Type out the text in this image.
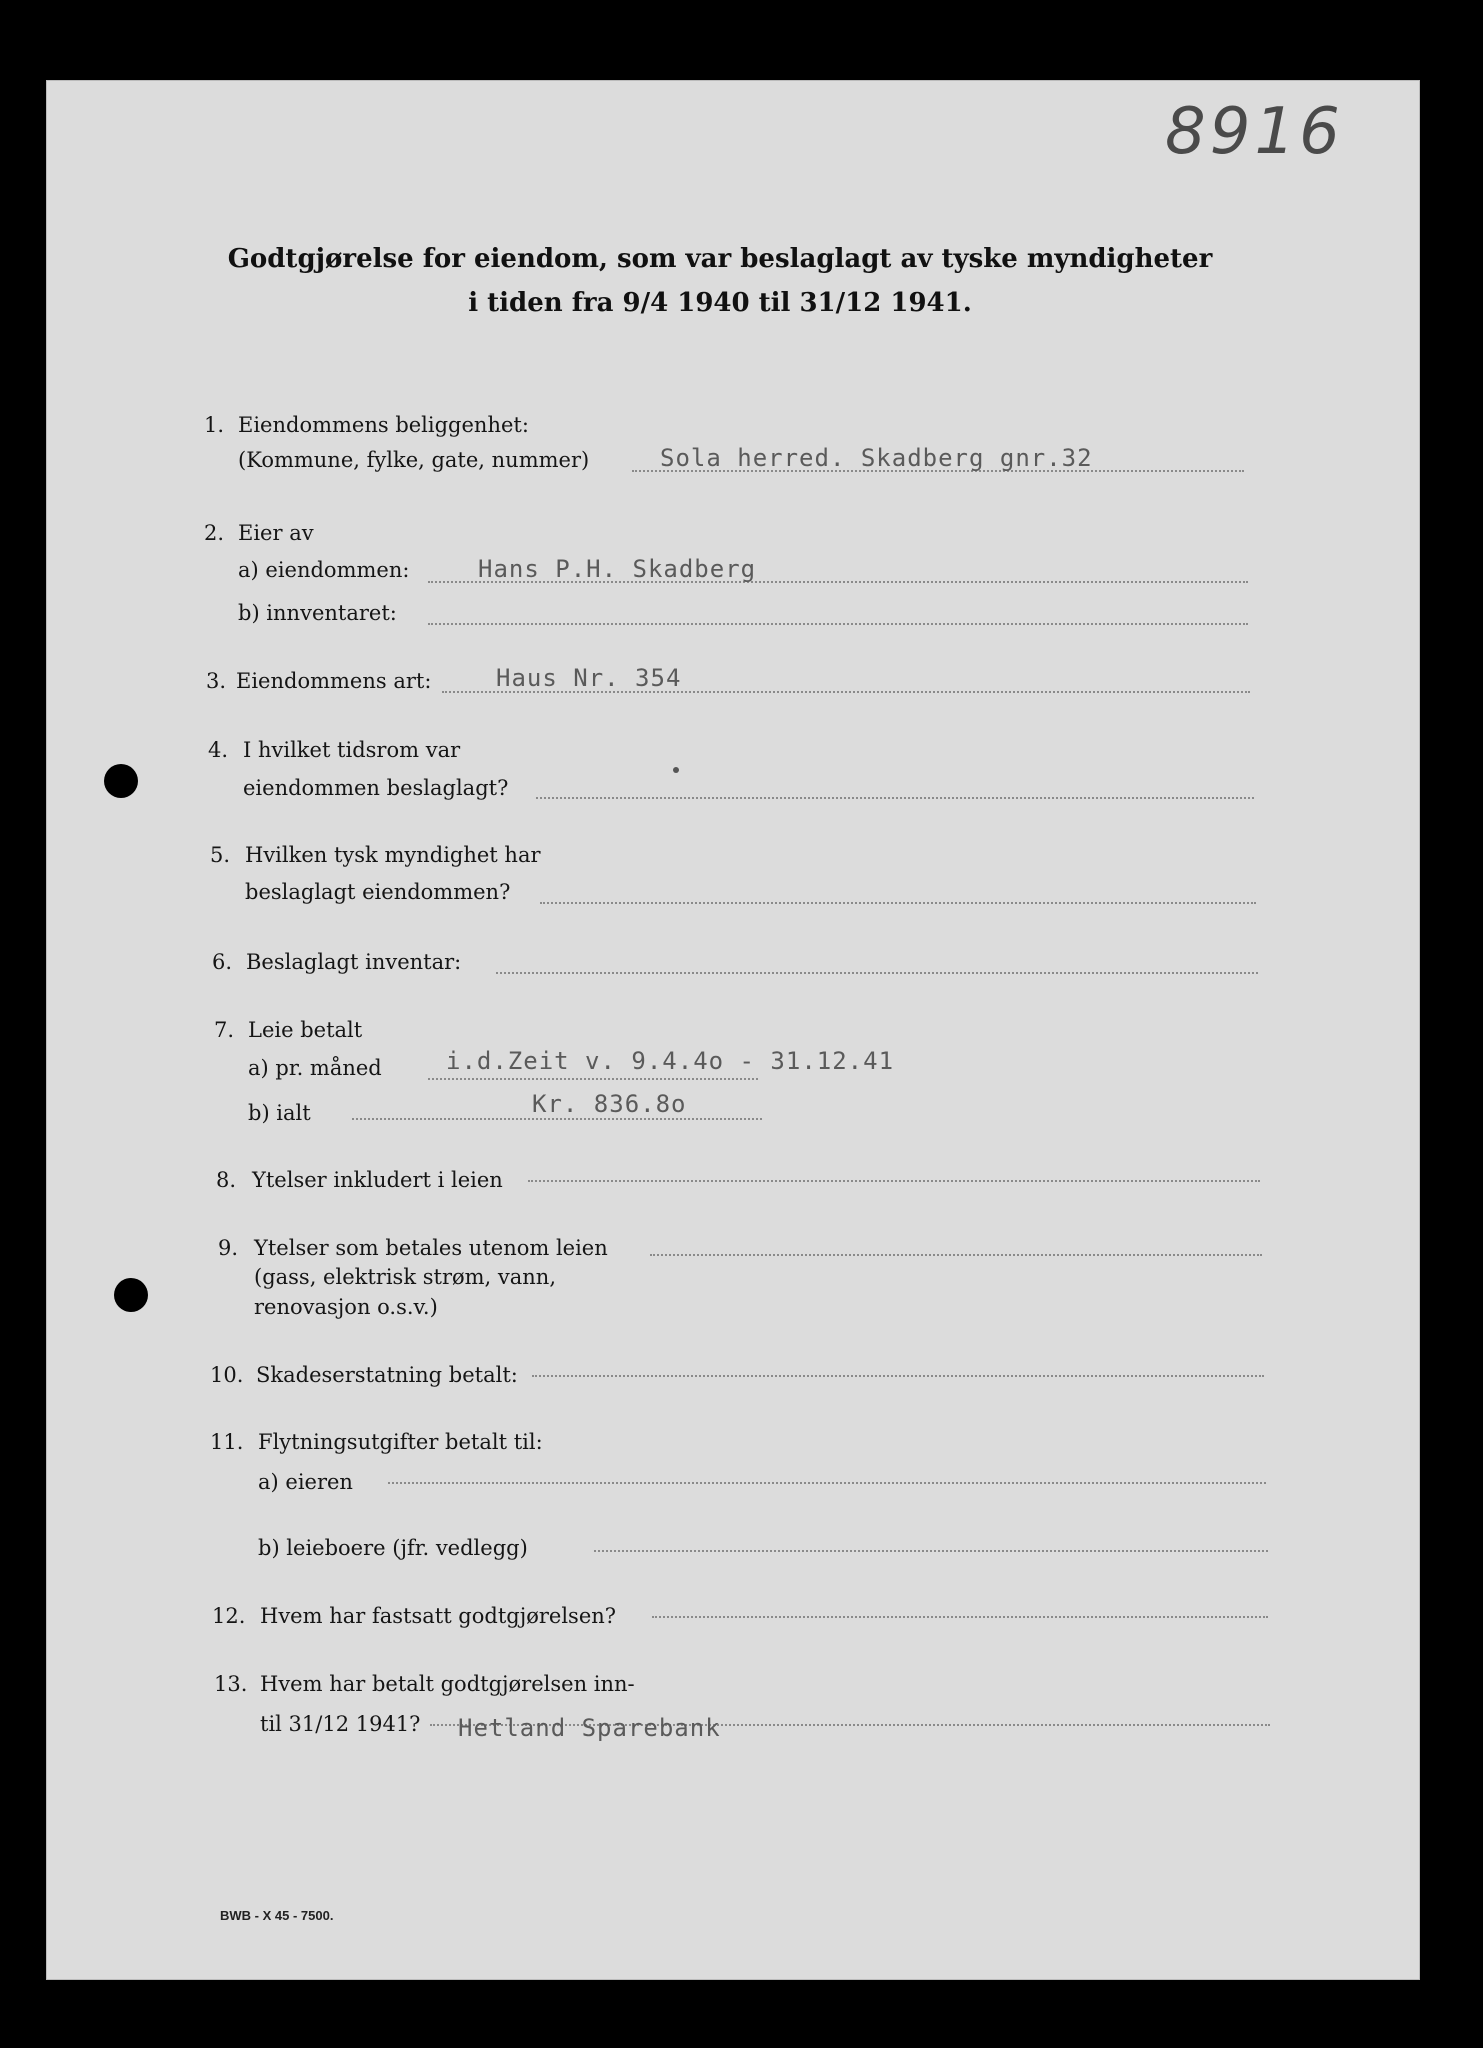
8916
Godtgjørelse for eiendom, som var beslaglagt av tyske myndigheter
i tiden fra 9/4 1940 til 31/12 1941.
1. Eiendommens beliggenhet:
(Kommune, fylke, gate, nummer)	Sola herred. Skadberg gnr.32
2. Eier av
a) eiendommen:	Hans P.H. Skadberg
b) innventaret:
3. Eiendommens art:	Haus Nr. 354
4. I hvilket tidsrom var
eiendommen beslaglagt?
5. Hvilken tysk myndighet har
beslaglagt eiendommen?
6. Beslaglagt inventar:
7. Leie betalt
a) pr. måned	i.d.Zeit v. 9.4.4o - 31.12.41
b) ialt	Kr. 836.8o
8. Ytelser inkludert i leien
9. Ytelser som betales utenom leien
(gass, elektrisk strøm, vann,
renovasjon o.s.v.)
10. Skadeserstatning betalt:
11. Flytningsutgifter betalt til:
a) eieren
b) leieboere (jfr. vedlegg)
12. Hvem har fastsatt godtgjørelsen?
13. Hvem har betalt godtgjørelsen inn-
til 31/12 1941? Hetland Sparebank
BWB - X 45 - 7500.
